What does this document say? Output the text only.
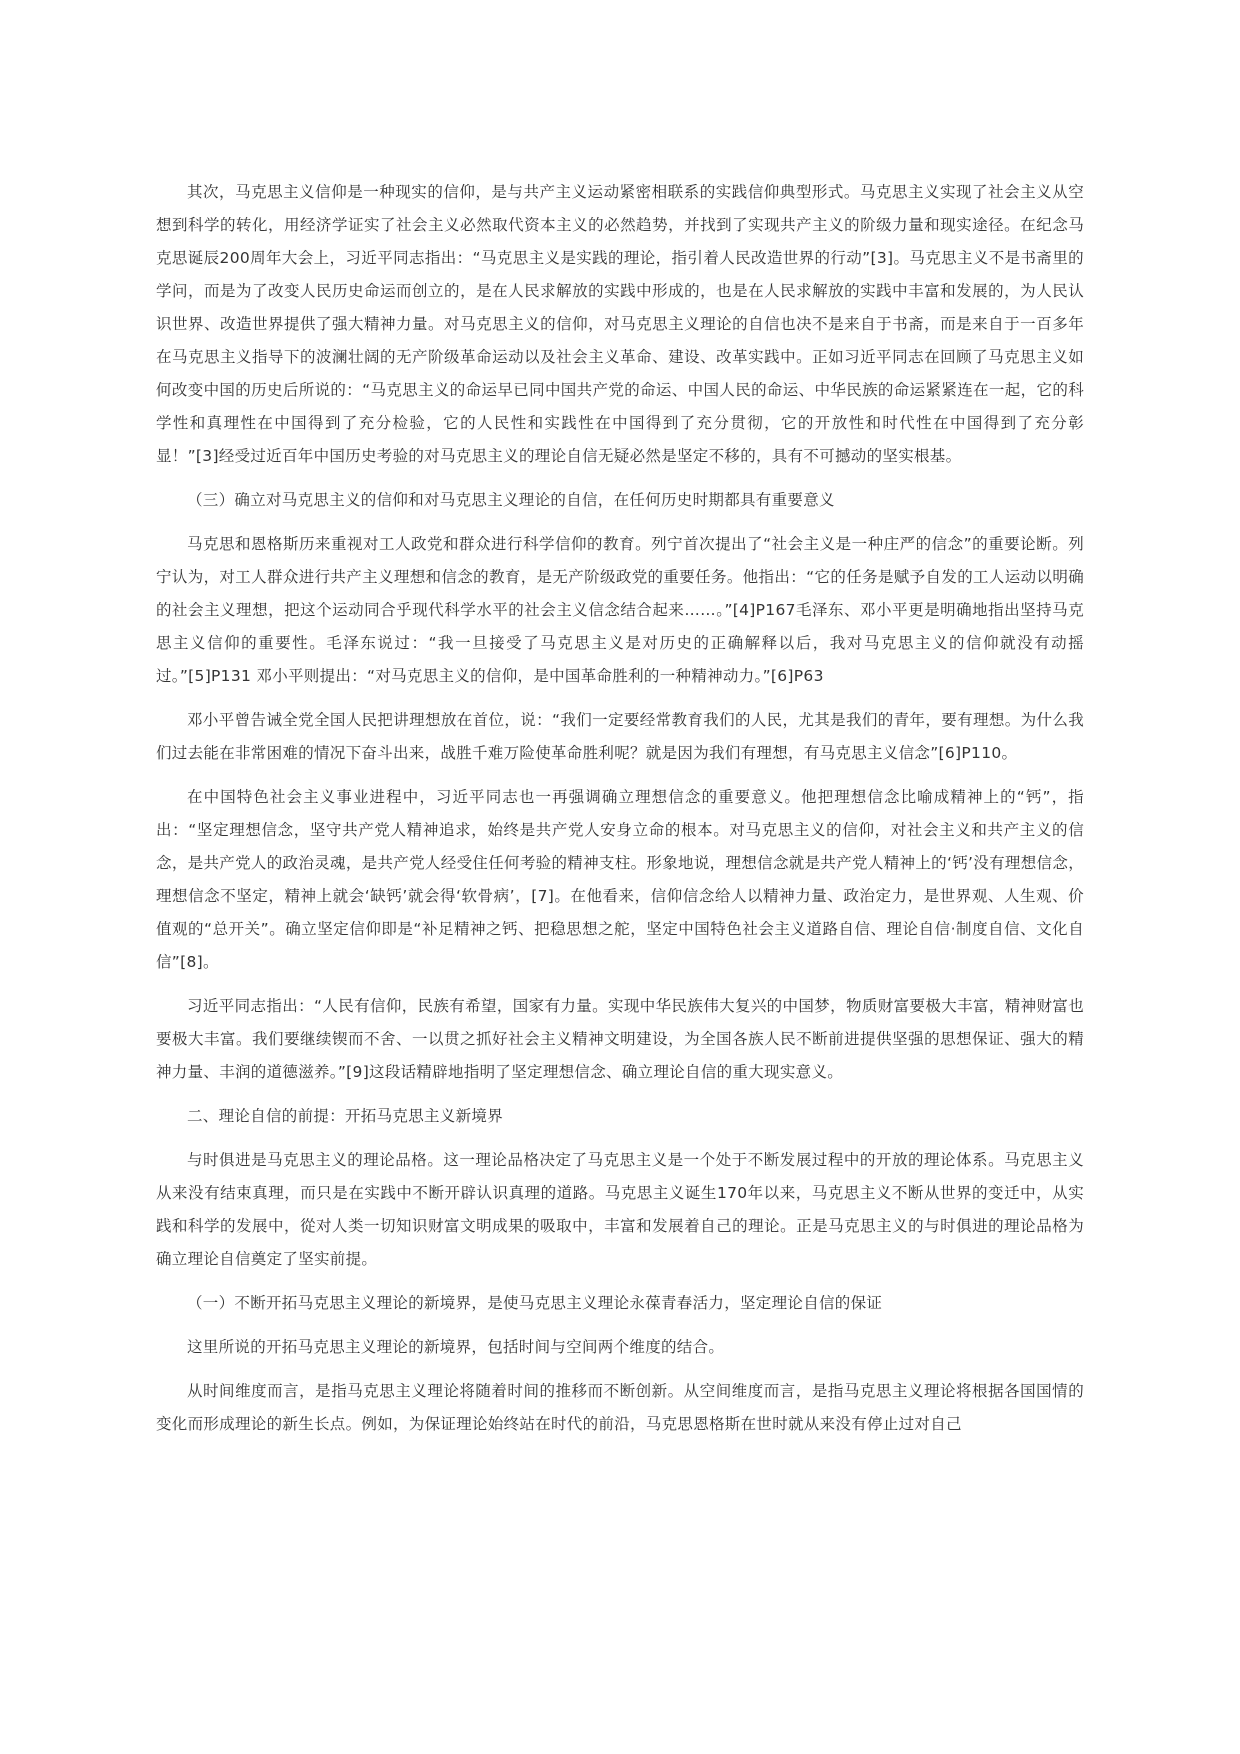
其次，马克思主义信仰是一种现实的信仰，是与共产主义运动紧密相联系的实践信仰典型形式。马克思主义实现了社会主义从空想到科学的转化，用经济学证实了社会主义必然取代资本主义的必然趋势，并找到了实现共产主义的阶级力量和现实途径。在纪念马克思诞辰200周年大会上，习近平同志指出：“马克思主义是实践的理论，指引着人民改造世界的行动”[3]。马克思主义不是书斋里的学问，而是为了改变人民历史命运而创立的，是在人民求解放的实践中形成的，也是在人民求解放的实践中丰富和发展的，为人民认识世界、改造世界提供了强大精神力量。对马克思主义的信仰，对马克思主义理论的自信也决不是来自于书斋，而是来自于一百多年在马克思主义指导下的波澜壮阔的无产阶级革命运动以及社会主义革命、建设、改革实践中。正如习近平同志在回顾了马克思主义如何改变中国的历史后所说的：“马克思主义的命运早已同中国共产党的命运、中国人民的命运、中华民族的命运紧紧连在一起，它的科学性和真理性在中国得到了充分检验，它的人民性和实践性在中国得到了充分贯彻，它的开放性和时代性在中国得到了充分彰显！”[3]经受过近百年中国历史考验的对马克思主义的理论自信无疑必然是坚定不移的，具有不可撼动的坚实根基。

（三）确立对马克思主义的信仰和对马克思主义理论的自信，在任何历史时期都具有重要意义

马克思和恩格斯历来重视对工人政党和群众进行科学信仰的教育。列宁首次提出了“社会主义是一种庄严的信念”的重要论断。列宁认为，对工人群众进行共产主义理想和信念的教育，是无产阶级政党的重要任务。他指出：“它的任务是赋予自发的工人运动以明确的社会主义理想，把这个运动同合乎现代科学水平的社会主义信念结合起来……。”[4]P167毛泽东、邓小平更是明确地指出坚持马克思主义信仰的重要性。毛泽东说过：“我一旦接受了马克思主义是对历史的正确解释以后，我对马克思主义的信仰就没有动摇过。”[5]P131 邓小平则提出：“对马克思主义的信仰，是中国革命胜利的一种精神动力。”[6]P63

邓小平曾告诫全党全国人民把讲理想放在首位，说：“我们一定要经常教育我们的人民，尤其是我们的青年，要有理想。为什么我们过去能在非常困难的情况下奋斗出来，战胜千难万险使革命胜利呢？就是因为我们有理想，有马克思主义信念”[6]P110。

在中国特色社会主义事业进程中，习近平同志也一再强调确立理想信念的重要意义。他把理想信念比喻成精神上的“钙”，指出：“坚定理想信念，坚守共产党人精神追求，始终是共产党人安身立命的根本。对马克思主义的信仰，对社会主义和共产主义的信念，是共产党人的政治灵魂，是共产党人经受住任何考验的精神支柱。形象地说，理想信念就是共产党人精神上的‘钙’没有理想信念，理想信念不坚定，精神上就会‘缺钙’就会得‘软骨病’，[7]。在他看来，信仰信念给人以精神力量、政治定力，是世界观、人生观、价值观的“总开关”。确立坚定信仰即是“补足精神之钙、把稳思想之舵，坚定中国特色社会主义道路自信、理论自信·制度自信、文化自信”[8]。

习近平同志指出：“人民有信仰，民族有希望，国家有力量。实现中华民族伟大复兴的中国梦，物质财富要极大丰富，精神财富也要极大丰富。我们要继续锲而不舍、一以贯之抓好社会主义精神文明建设，为全国各族人民不断前进提供坚强的思想保证、强大的精神力量、丰润的道德滋养。”[9]这段话精辟地指明了坚定理想信念、确立理论自信的重大现实意义。

二、理论自信的前提：开拓马克思主义新境界

与时俱进是马克思主义的理论品格。这一理论品格决定了马克思主义是一个处于不断发展过程中的开放的理论体系。马克思主义从来没有结束真理，而只是在实践中不断开辟认识真理的道路。马克思主义诞生170年以来，马克思主义不断从世界的变迁中，从实践和科学的发展中，從对人类一切知识财富文明成果的吸取中，丰富和发展着自己的理论。正是马克思主义的与时俱进的理论品格为确立理论自信奠定了坚实前提。

（一）不断开拓马克思主义理论的新境界，是使马克思主义理论永葆青春活力，坚定理论自信的保证

这里所说的开拓马克思主义理论的新境界，包括时间与空间两个维度的结合。

从时间维度而言，是指马克思主义理论将随着时间的推移而不断创新。从空间维度而言，是指马克思主义理论将根据各国国情的变化而形成理论的新生长点。例如，为保证理论始终站在时代的前沿，马克思恩格斯在世时就从来没有停止过对自己
